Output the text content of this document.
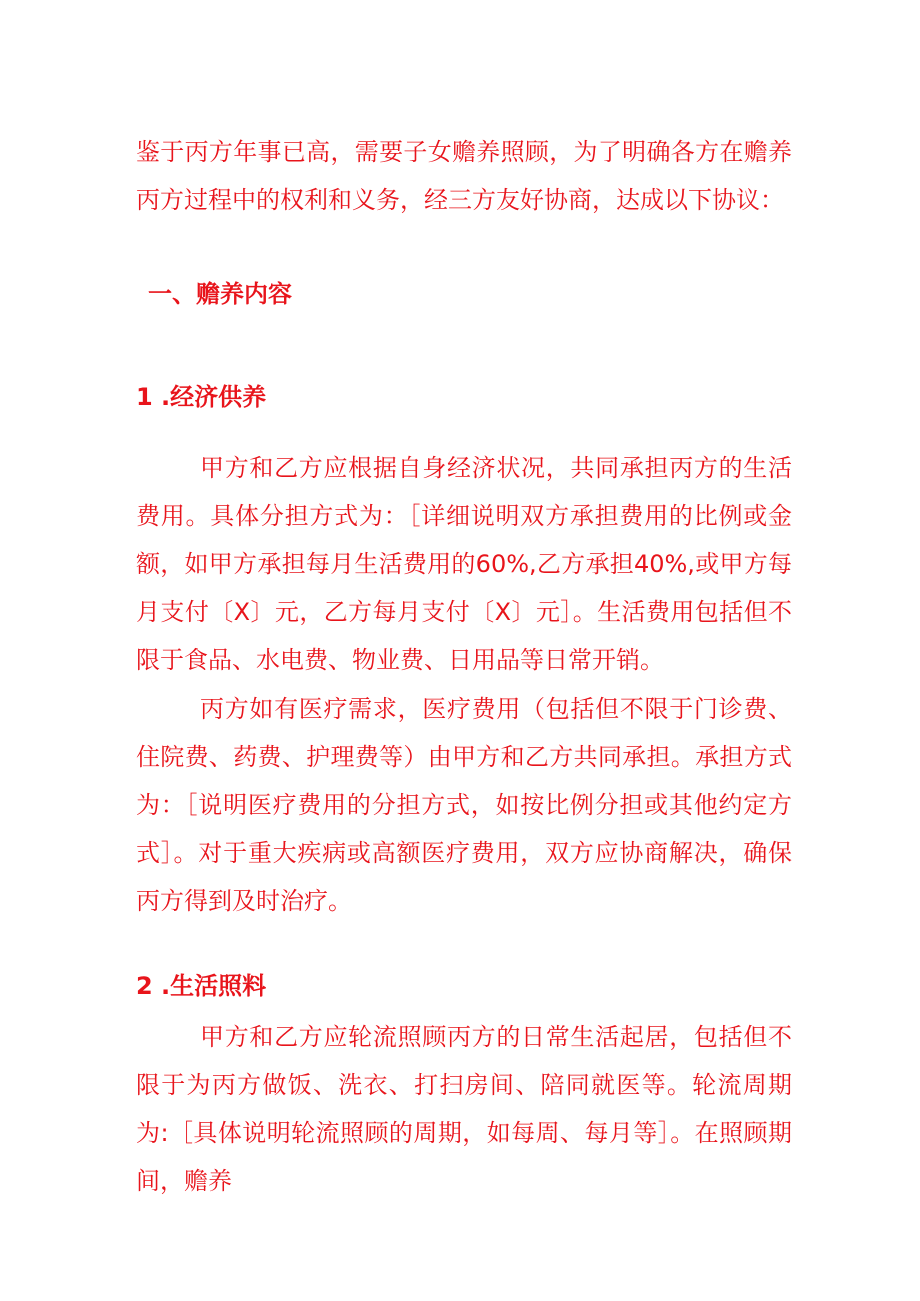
鉴于丙方年事已高，需要子女赡养照顾，为了明确各方在赡养丙方过程中的权利和义务，经三方友好协商，达成以下协议：

一、赡养内容
1 .经济供养

甲方和乙方应根据自身经济状况，共同承担丙方的生活费用。具体分担方式为：［详细说明双方承担费用的比例或金额，如甲方承担每月生活费用的60%,乙方承担40%,或甲方每月支付〔X〕元，乙方每月支付〔X〕元］。生活费用包括但不限于食品、水电费、物业费、日用品等日常开销。

丙方如有医疗需求，医疗费用（包括但不限于门诊费、住院费、药费、护理费等）由甲方和乙方共同承担。承担方式为：［说明医疗费用的分担方式，如按比例分担或其他约定方式］。对于重大疾病或高额医疗费用，双方应协商解决，确保丙方得到及时治疗。

2 .生活照料

甲方和乙方应轮流照顾丙方的日常生活起居，包括但不限于为丙方做饭、洗衣、打扫房间、陪同就医等。轮流周期为:［具体说明轮流照顾的周期，如每周、每月等］。在照顾期间，赡养
